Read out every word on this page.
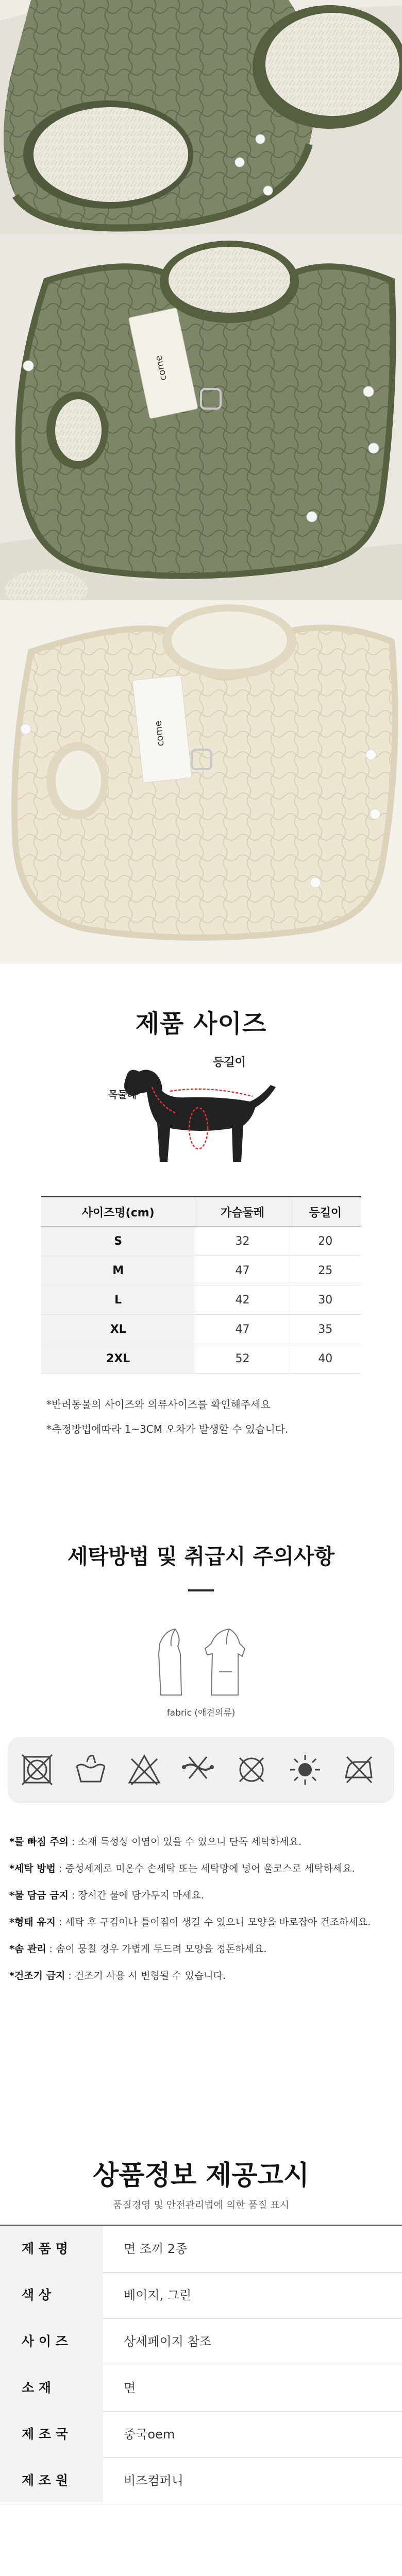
come
come
제품 사이즈
등길이
목둘레
가슴둘레
사이즈명(cm)	가슴둘레	등길이
S	32	20
M	47	25
L	42	30
XL	47	35
2XL	52	40
*반려동물의 사이즈와 의류사이즈를 확인해주세요
*측정방법에따라 1~3CM 오차가 발생할 수 있습니다.
세탁방법 및 취급시 주의사항
fabric (애견의류)
*물 빠짐 주의 : 소재 특성상 이염이 있을 수 있으니 단독 세탁하세요.
*세탁 방법 : 중성세제로 미온수 손세탁 또는 세탁망에 넣어 울코스로 세탁하세요.
*물 담금 금지 : 장시간 물에 담가두지 마세요.
*형태 유지 : 세탁 후 구김이나 틀어짐이 생길 수 있으니 모양을 바로잡아 건조하세요.
*솜 관리 : 솜이 뭉칠 경우 가볍게 두드려 모양을 정돈하세요.
*건조기 금지 : 건조기 사용 시 변형될 수 있습니다.
상품정보 제공고시
품질경영 및 안전관리법에 의한 품질 표시
제 품 명	면 조끼 2종
색 상	베이지, 그린
사 이 즈	상세페이지 참조
소 재	면
제 조 국	중국oem
제 조 원	비즈컴퍼니
